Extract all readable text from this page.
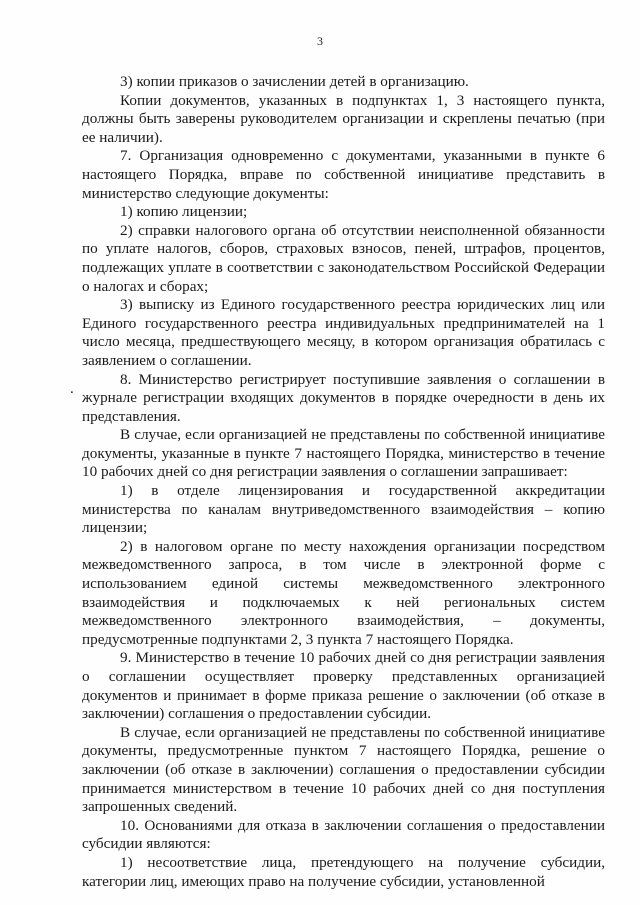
3
.

3) копии приказов о зачислении детей в организацию.

Копии документов, указанных в подпунктах 1, 3 настоящего пункта, должны быть заверены руководителем организации и скреплены печатью (при ее наличии).

7. Организация одновременно с документами, указанными в пункте 6 настоящего Порядка, вправе по собственной инициативе представить в министерство следующие документы:

1) копию лицензии;

2) справки налогового органа об отсутствии неисполненной обязанности по уплате налогов, сборов, страховых взносов, пеней, штрафов, процентов, подлежащих уплате в соответствии с законодательством Российской Федерации о налогах и сборах;

3) выписку из Единого государственного реестра юридических лиц или Единого государственного реестра индивидуальных предпринимателей на 1 число месяца, предшествующего месяцу, в котором организация обратилась с заявлением о соглашении.

8. Министерство регистрирует поступившие заявления о соглашении в журнале регистрации входящих документов в порядке очередности в день их представления.

В случае, если организацией не представлены по собственной инициативе документы, указанные в пункте 7 настоящего Порядка, министерство в течение 10 рабочих дней со дня регистрации заявления о соглашении запрашивает:

1) в отделе лицензирования и государственной аккредитации министерства по каналам внутриведомственного взаимодействия – копию лицензии;

2) в налоговом органе по месту нахождения организации посредством межведомственного запроса, в том числе в электронной форме с использованием единой системы межведомственного электронного взаимодействия и подключаемых к ней региональных систем межведомственного электронного взаимодействия, – документы, предусмотренные подпунктами 2, 3 пункта 7 настоящего Порядка.

9. Министерство в течение 10 рабочих дней со дня регистрации заявления о соглашении осуществляет проверку представленных организацией документов и принимает в форме приказа решение о заключении (об отказе в заключении) соглашения о предоставлении субсидии.

В случае, если организацией не представлены по собственной инициативе документы, предусмотренные пунктом 7 настоящего Порядка, решение о заключении (об отказе в заключении) соглашения о предоставлении субсидии принимается министерством в течение 10 рабочих дней со дня поступления запрошенных сведений.

10. Основаниями для отказа в заключении соглашения о предоставлении субсидии являются:

1) несоответствие лица, претендующего на получение субсидии, категории лиц, имеющих право на получение субсидии, установленной
